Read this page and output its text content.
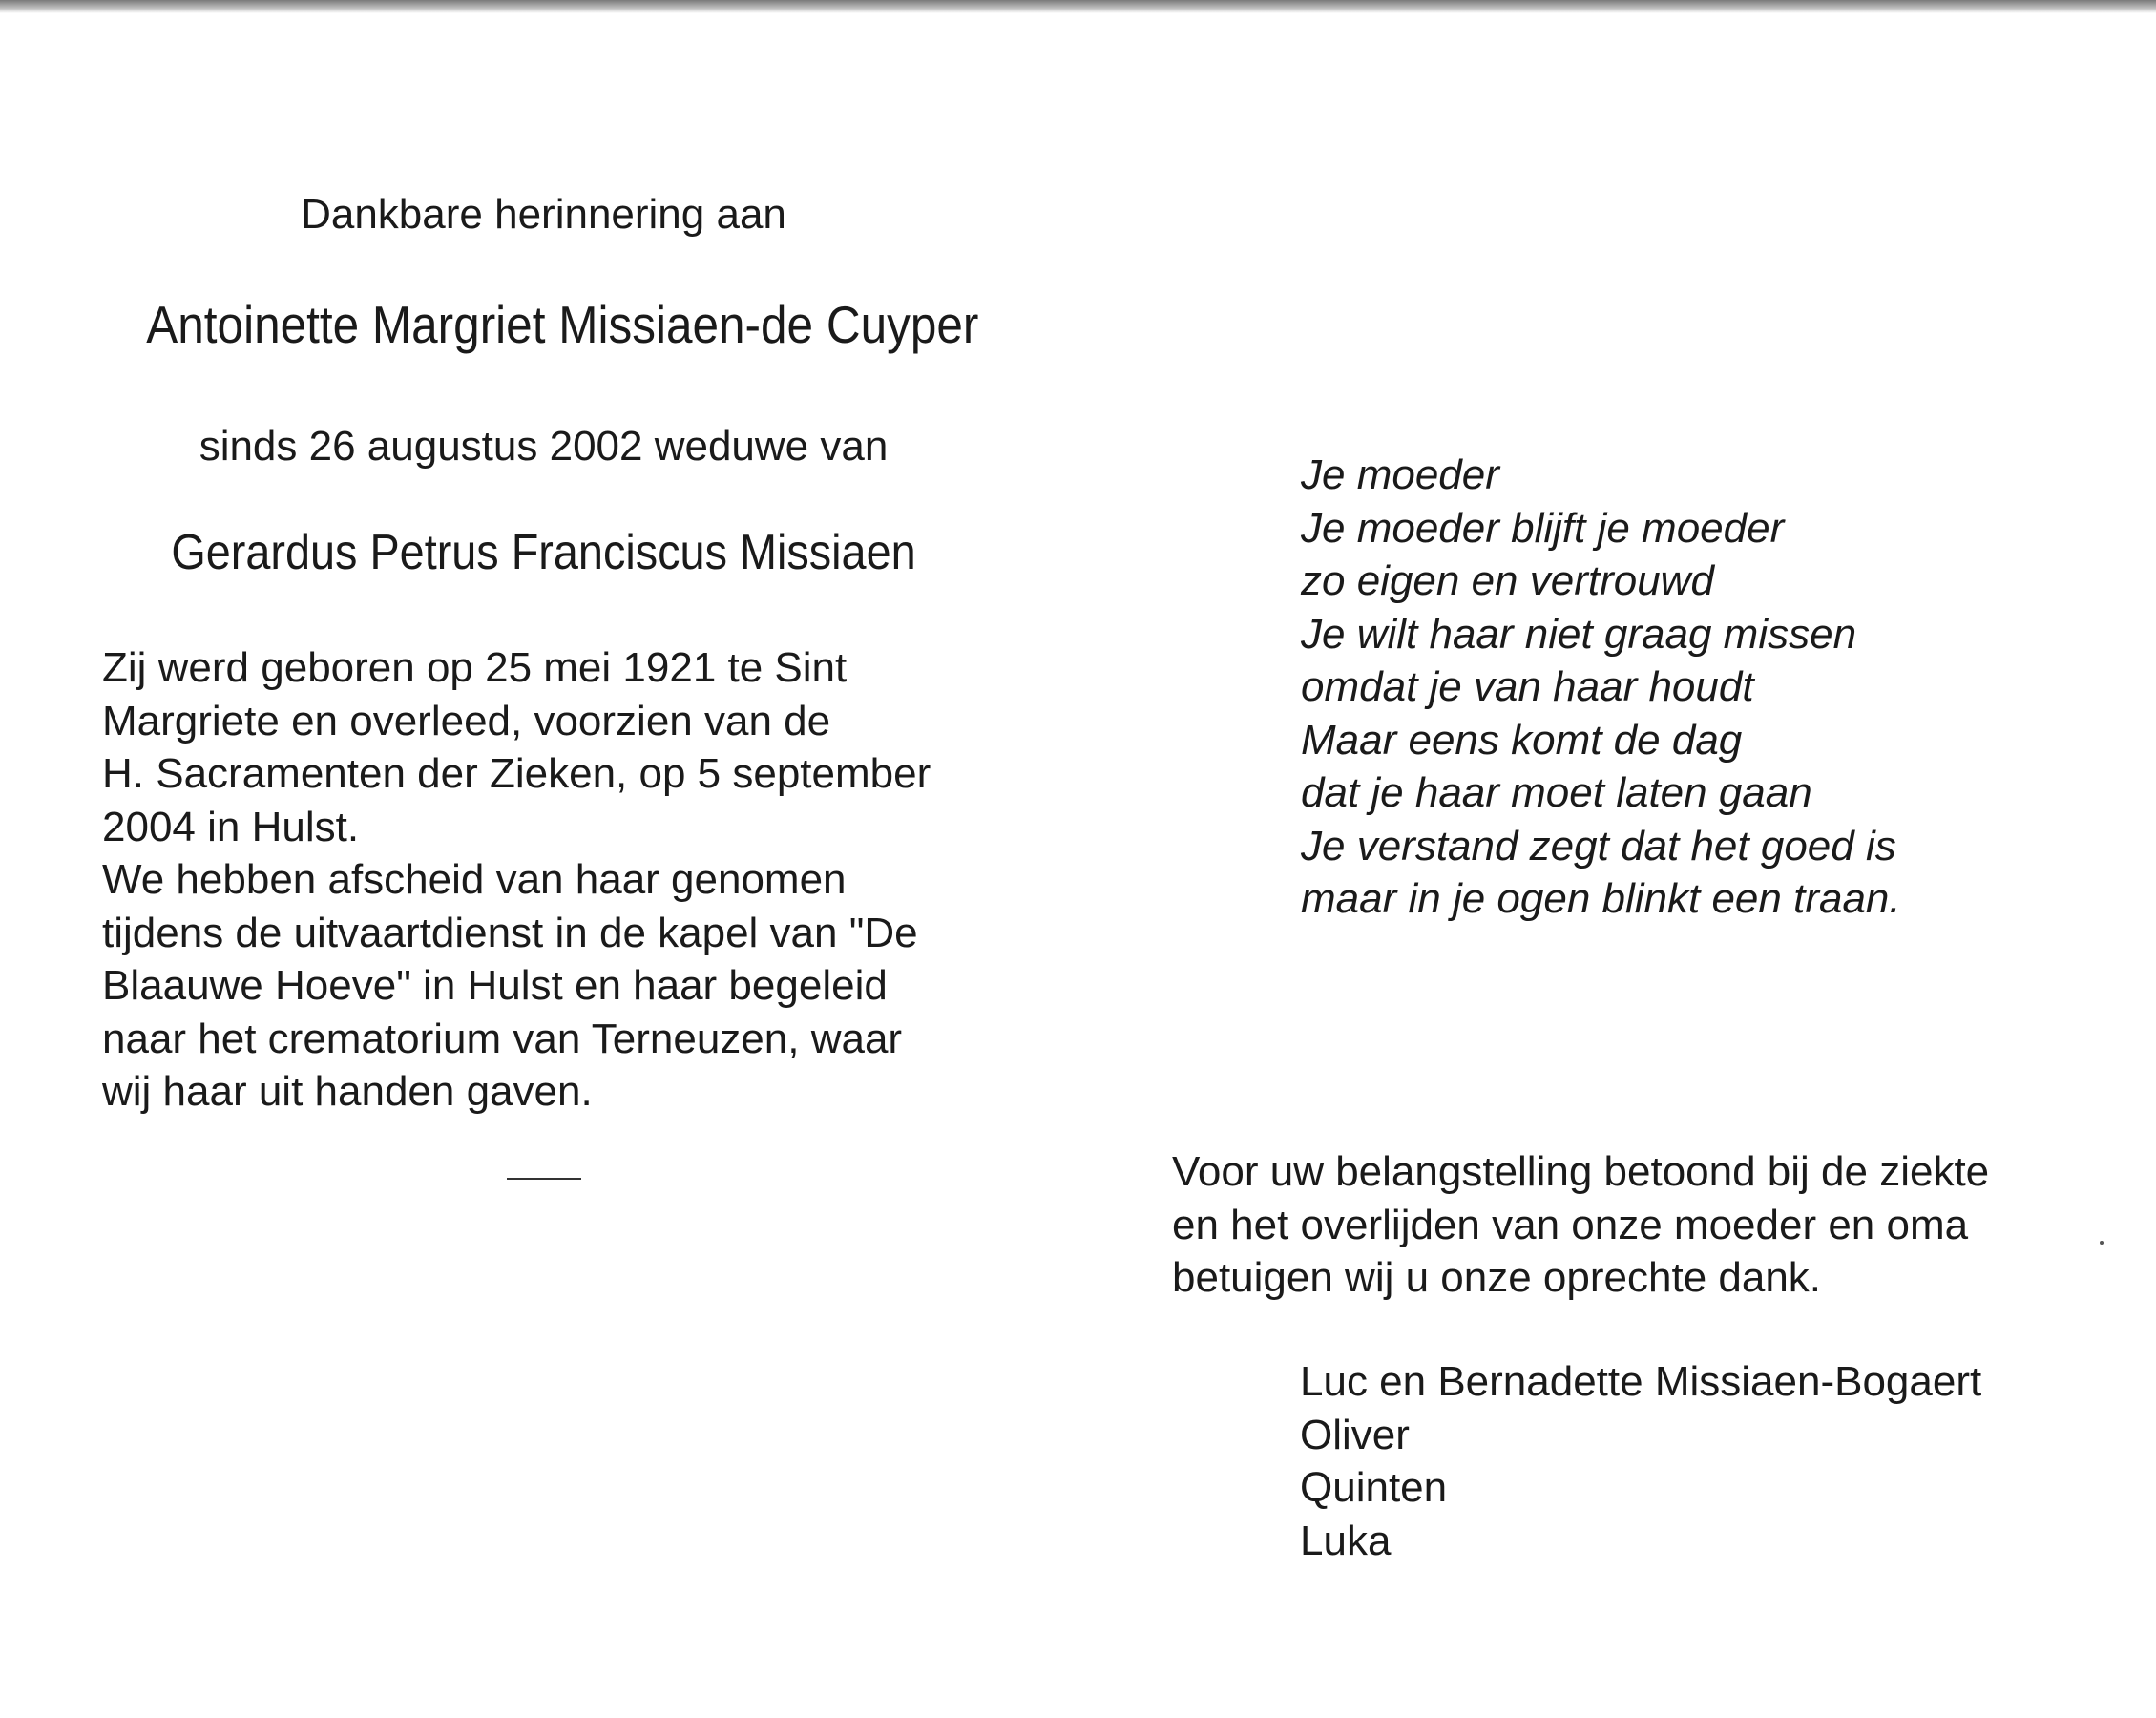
Dankbare herinnering aan
Antoinette Margriet Missiaen-de Cuyper
sinds 26 augustus 2002 weduwe van
Gerardus Petrus Franciscus Missiaen

Zij werd geboren op 25 mei 1921 te Sint

Margriete en overleed, voorzien van de

H. Sacramenten der Zieken, op 5 september

2004 in Hulst.

We hebben afscheid van haar genomen

tijdens de uitvaartdienst in de kapel van "De

Blaauwe Hoeve" in Hulst en haar begeleid

naar het crematorium van Terneuzen, waar

wij haar uit handen gaven.

Je moeder
Je moeder blijft je moeder
zo eigen en vertrouwd
Je wilt haar niet graag missen
omdat je van haar houdt
Maar eens komt de dag
dat je haar moet laten gaan
Je verstand zegt dat het goed is
maar in je ogen blinkt een traan.

Voor uw belangstelling betoond bij de ziekte

en het overlijden van onze moeder en oma

betuigen wij u onze oprechte dank.

Luc en Bernadette Missiaen-Bogaert
Oliver
Quinten
Luka
